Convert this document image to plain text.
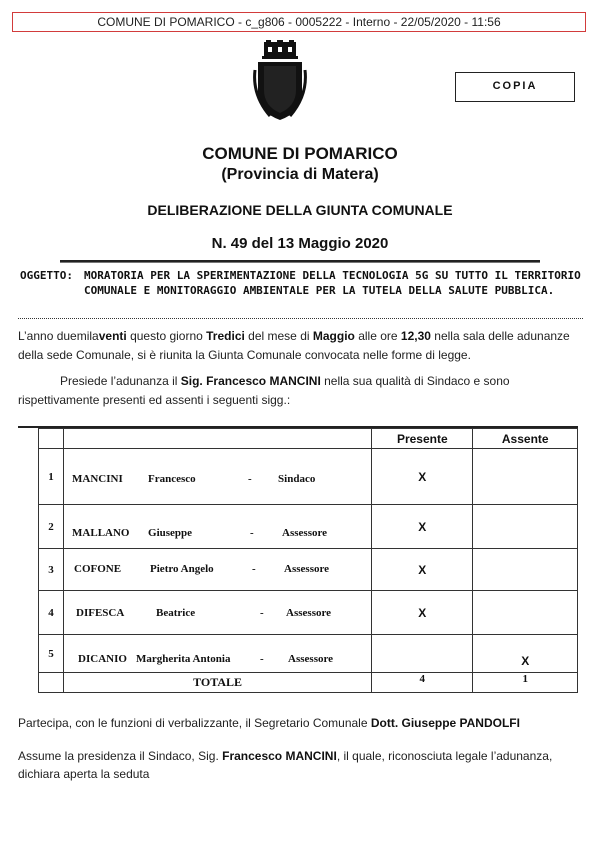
COMUNE DI POMARICO - c_g806 - 0005222 - Interno - 22/05/2020 - 11:56
COPIA
COMUNE DI POMARICO
(Provincia di Matera)
DELIBERAZIONE DELLA GIUNTA COMUNALE
N. 49 del 13 Maggio 2020
OGGETTO: MORATORIA PER LA SPERIMENTAZIONE DELLA TECNOLOGIA 5G SU TUTTO IL TERRITORIO COMUNALE E MONITORAGGIO AMBIENTALE PER LA TUTELA DELLA SALUTE PUBBLICA.
L’anno duemilaventi questo giorno Tredici del mese di Maggio alle ore 12,30 nella sala delle adunanze della sede Comunale, si è riunita la Giunta Comunale convocata nelle forme di legge.
Presiede l’adunanza il Sig. Francesco MANCINI nella sua qualità di Sindaco e sono rispettivamente presenti ed assenti i seguenti sigg.:
		Presente	Assente
1	MANCINI Francesco - Sindaco	X	
2	MALLANO Giuseppe - Assessore	X	
3	COFONE Pietro Angelo - Assessore	X	
4	DIFESCA Beatrice - Assessore	X	
5	DICANIO Margherita Antonia - Assessore		X
	TOTALE	4	1
Partecipa, con le funzioni di verbalizzante, il Segretario Comunale Dott. Giuseppe PANDOLFI
Assume la presidenza il Sindaco, Sig. Francesco MANCINI, il quale, riconosciuta legale l’adunanza, dichiara aperta la seduta
